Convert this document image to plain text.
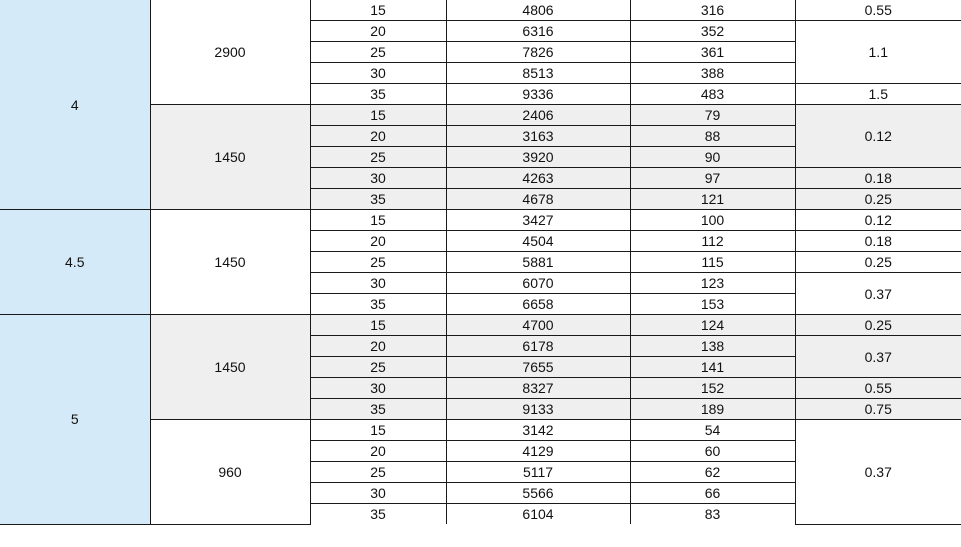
4	2900	15	4806	316	0.55
		20	6316	352	1.1
		25	7826	361	
		30	8513	388	
		35	9336	483	1.5
	1450	15	2406	79	0.12
		20	3163	88	
		25	3920	90	
		30	4263	97	0.18
		35	4678	121	0.25
4.5	1450	15	3427	100	0.12
		20	4504	112	0.18
		25	5881	115	0.25
		30	6070	123	0.37
		35	6658	153	
5	1450	15	4700	124	0.25
		20	6178	138	0.37
		25	7655	141	
		30	8327	152	0.55
		35	9133	189	0.75
	960	15	3142	54	0.37
		20	4129	60	
		25	5117	62	
		30	5566	66	
		35	6104	83	
